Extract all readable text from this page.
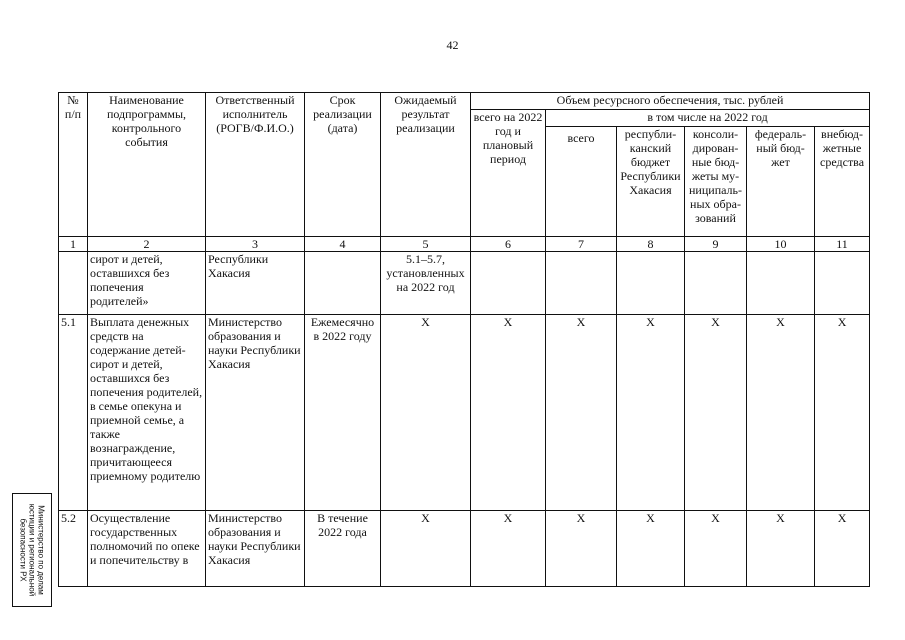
42
№ п/п	Наименование подпрограммы, контрольного события	Ответственный исполнитель (РОГВ/Ф.И.О.)	Срок реализации (дата)	Ожидаемый результат реализации	Объем ресурсного обеспечения, тыс. рублей					
					всего на 2022 год и плановый период	в том числе на 2022 год				
						всего	республи-канский бюджет Республики Хакасия	консоли-дирован-ные бюд-жеты му-ниципаль-ных обра-зований	федераль-ный бюд-жет	внебюд-жетные средства
1	2	3	4	5	6	7	8	9	10	11
	сирот и детей, оставшихся без попечения родителей»	Республики Хакасия		5.1–5.7, установленных на 2022 год						
5.1	Выплата денежных средств на содержание детей-сирот и детей, оставшихся без попечения родителей, в семье опекуна и приемной семье, а также вознаграждение, причитающееся приемному родителю	Министерство образования и науки Республики Хакасия	Ежемесячно в 2022 году	Х	Х	Х	Х	Х	Х	Х
5.2	Осуществление государственных полномочий по опеке и попечительству в	Министерство образования и науки Республики Хакасия	В течение 2022 года	Х	Х	Х	Х	Х	Х	Х
Министерство по делам
юстиции и региональной
безопасности РХ
